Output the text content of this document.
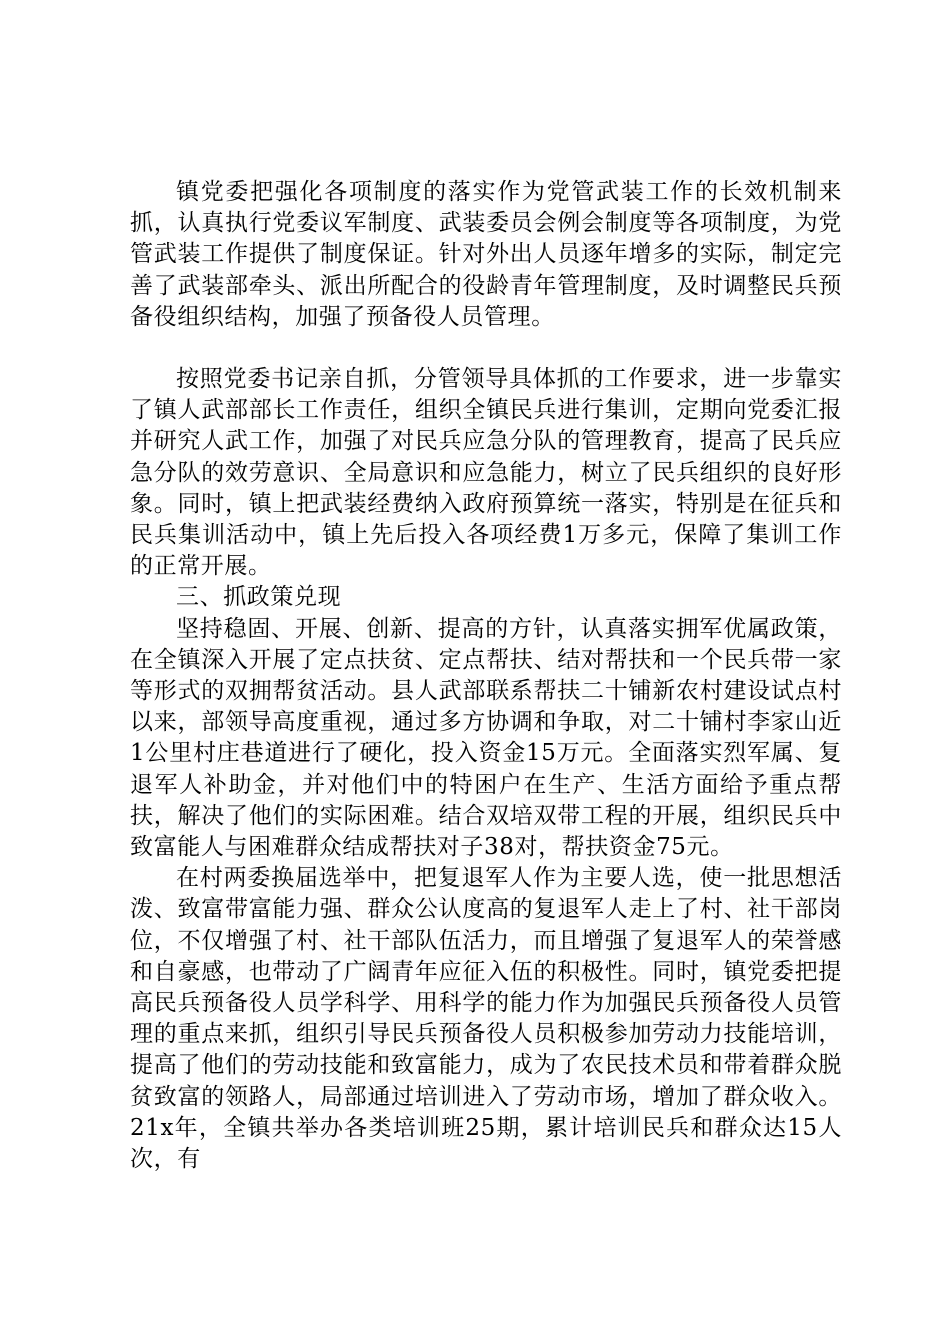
镇党委把强化各项制度的落实作为党管武装工作的长效机制来抓，认真执行党委议军制度、武装委员会例会制度等各项制度，为党管武装工作提供了制度保证。针对外出人员逐年增多的实际，制定完善了武装部牵头、派出所配合的役龄青年管理制度，及时调整民兵预备役组织结构，加强了预备役人员管理。

按照党委书记亲自抓，分管领导具体抓的工作要求，进一步靠实了镇人武部部长工作责任，组织全镇民兵进行集训，定期向党委汇报并研究人武工作，加强了对民兵应急分队的管理教育，提高了民兵应急分队的效劳意识、全局意识和应急能力，树立了民兵组织的良好形象。同时，镇上把武装经费纳入政府预算统一落实，特别是在征兵和民兵集训活动中，镇上先后投入各项经费1万多元，保障了集训工作的正常开展。

三、抓政策兑现

坚持稳固、开展、创新、提高的方针，认真落实拥军优属政策，在全镇深入开展了定点扶贫、定点帮扶、结对帮扶和一个民兵带一家等形式的双拥帮贫活动。县人武部联系帮扶二十铺新农村建设试点村以来，部领导高度重视，通过多方协调和争取，对二十铺村李家山近1公里村庄巷道进行了硬化，投入资金15万元。全面落实烈军属、复退军人补助金，并对他们中的特困户在生产、生活方面给予重点帮扶，解决了他们的实际困难。结合双培双带工程的开展，组织民兵中致富能人与困难群众结成帮扶对子38对，帮扶资金75元。

在村两委换届选举中，把复退军人作为主要人选，使一批思想活泼、致富带富能力强、群众公认度高的复退军人走上了村、社干部岗位，不仅增强了村、社干部队伍活力，而且增强了复退军人的荣誉感和自豪感，也带动了广阔青年应征入伍的积极性。同时，镇党委把提高民兵预备役人员学科学、用科学的能力作为加强民兵预备役人员管理的重点来抓，组织引导民兵预备役人员积极参加劳动力技能培训，提高了他们的劳动技能和致富能力，成为了农民技术员和带着群众脱贫致富的领路人，局部通过培训进入了劳动市场，增加了群众收入。21x年，全镇共举办各类培训班25期，累计培训民兵和群众达15人次，有
